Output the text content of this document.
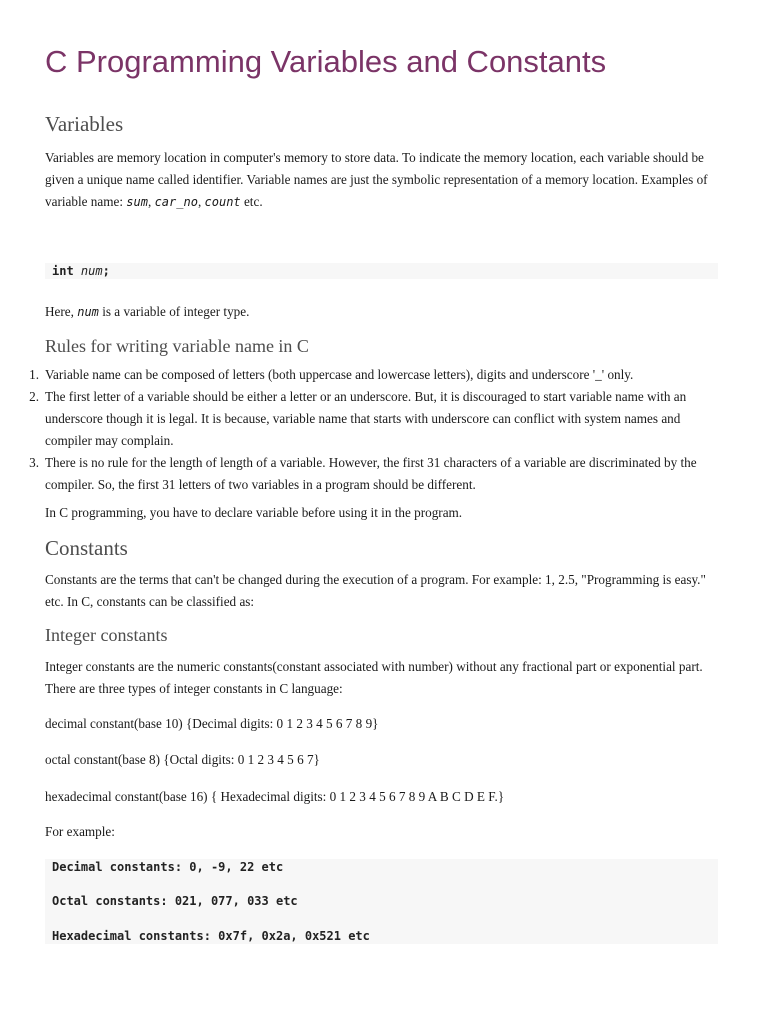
C Programming Variables and Constants
Variables

Variables are memory location in computer's memory to store data. To indicate the memory location, each variable should be given a unique name called identifier. Variable names are just the symbolic representation of a memory location. Examples of variable name: sum, car_no, count etc.

int num;

Here, num is a variable of integer type.

Rules for writing variable name in C
1. Variable name can be composed of letters (both uppercase and lowercase letters), digits and underscore '_' only.
2. The first letter of a variable should be either a letter or an underscore. But, it is discouraged to start variable name with an underscore though it is legal. It is because, variable name that starts with underscore can conflict with system names and compiler may complain.
3. There is no rule for the length of length of a variable. However, the first 31 characters of a variable are discriminated by the compiler. So, the first 31 letters of two variables in a program should be different.

In C programming, you have to declare variable before using it in the program.

Constants

Constants are the terms that can't be changed during the execution of a program. For example: 1, 2.5, "Programming is easy." etc. In C, constants can be classified as:

Integer constants

Integer constants are the numeric constants(constant associated with number) without any fractional part or exponential part. There are three types of integer constants in C language:

decimal constant(base 10) {Decimal digits: 0 1 2 3 4 5 6 7 8 9}

octal constant(base 8) {Octal digits: 0 1 2 3 4 5 6 7}

hexadecimal constant(base 16) { Hexadecimal digits: 0 1 2 3 4 5 6 7 8 9 A B C D E F.}

For example:

Decimal constants: 0, -9, 22 etc
Octal constants: 021, 077, 033 etc
Hexadecimal constants: 0x7f, 0x2a, 0x521 etc
